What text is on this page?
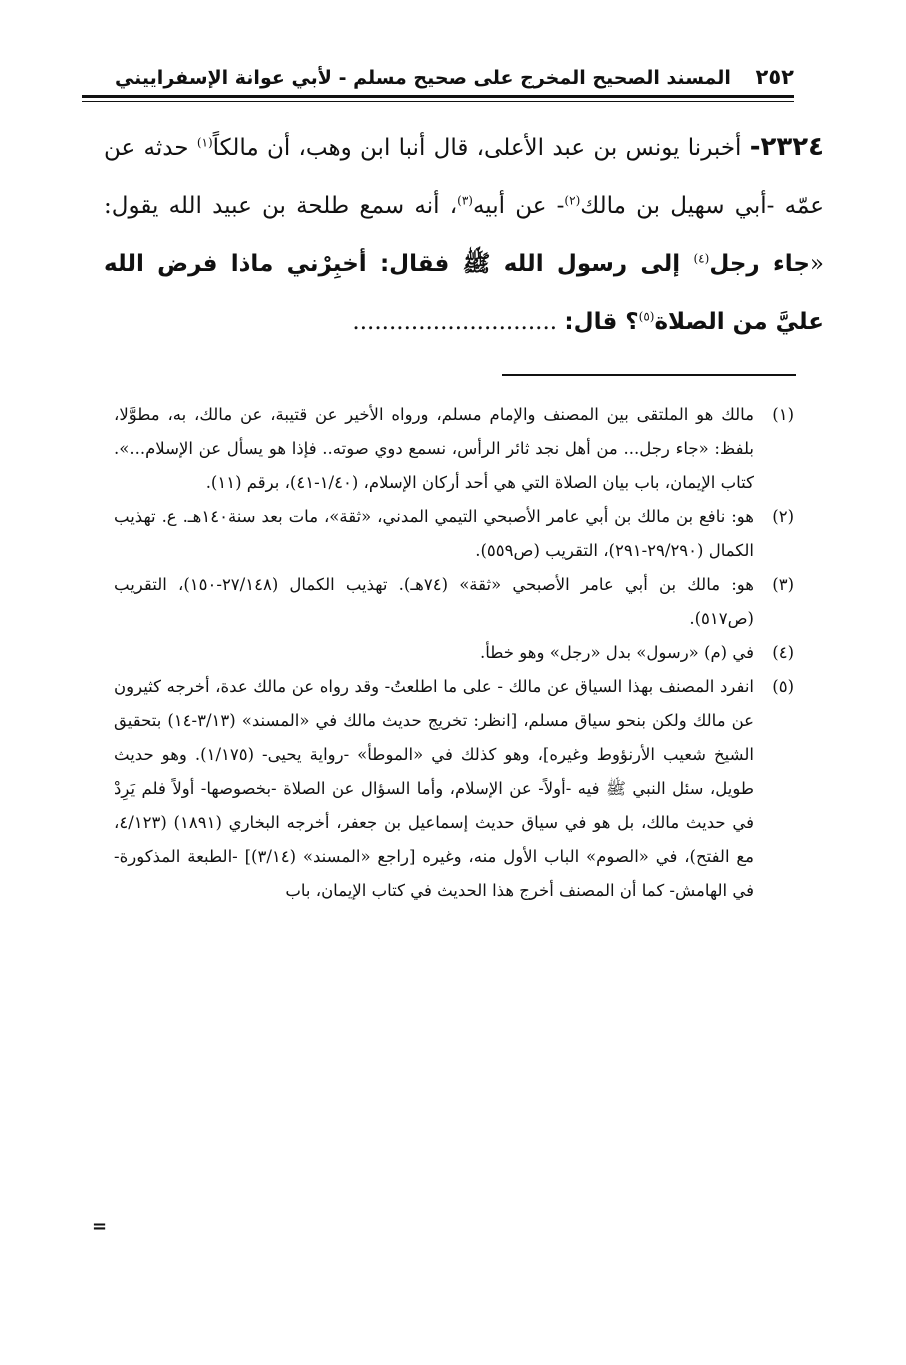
٢٥٢ المسند الصحيح المخرج على صحيح مسلم - لأبي عوانة الإسفراييني
٢٣٢٤- أخبرنا يونس بن عبد الأعلى، قال أنبا ابن وهب، أن مالكاً$^{(١)}$ حدثه عن عمّه -أبي سهيل بن مالك$^{(٢)}$- عن أبيه$^{(٣)}$، أنه سمع طلحة بن عبيد الله يقول: «جاء رجل$^{(٤)}$ إلى رسول الله ﷺ فقال: أخبِرْني ماذا فرض الله عليَّ من الصلاة$^{(٥)}$؟ قال: ............................
(١)
مالك هو الملتقى بين المصنف والإمام مسلم، ورواه الأخير عن قتيبة، عن مالك، به، مطوَّلا، بلفظ: «جاء رجل... من أهل نجد ثائر الرأس، نسمع دوي صوته.. فإذا هو يسأل عن الإسلام...». كتاب الإيمان، باب بيان الصلاة التي هي أحد أركان الإسلام، (١/٤٠-٤١)، برقم (١١).
(٢)
هو: نافع بن مالك بن أبي عامر الأصبحي التيمي المدني، «ثقة»، مات بعد سنة١٤٠هـ. ع. تهذيب الكمال (٢٩/٢٩٠-٢٩١)، التقريب (ص٥٥٩).
(٣)
هو: مالك بن أبي عامر الأصبحي «ثقة» (٧٤هـ). تهذيب الكمال (٢٧/١٤٨-١٥٠)، التقريب (ص٥١٧).
(٤)
في (م) «رسول» بدل «رجل» وهو خطأ.
(٥)
انفرد المصنف بهذا السياق عن مالك - على ما اطلعتُ- وقد رواه عن مالك عدة، أخرجه كثيرون عن مالك ولكن بنحو سياق مسلم، [انظر: تخريج حديث مالك في «المسند» (٣/١٣-١٤) بتحقيق الشيخ شعيب الأرنؤوط وغيره]، وهو كذلك في «الموطأ» -رواية يحيى- (١/١٧٥). وهو حديث طويل، سئل النبي ﷺ فيه -أولاً- عن الإسلام، وأما السؤال عن الصلاة -بخصوصها- أولاً فلم يَرِدْ في حديث مالك، بل هو في سياق حديث إسماعيل بن جعفر، أخرجه البخاري (١٨٩١) (٤/١٢٣، مع الفتح)، في «الصوم» الباب الأول منه، وغيره [راجع «المسند» (٣/١٤)] -الطبعة المذكورة- في الهامش- كما أن المصنف أخرج هذا الحديث في كتاب الإيمان، باب
=
